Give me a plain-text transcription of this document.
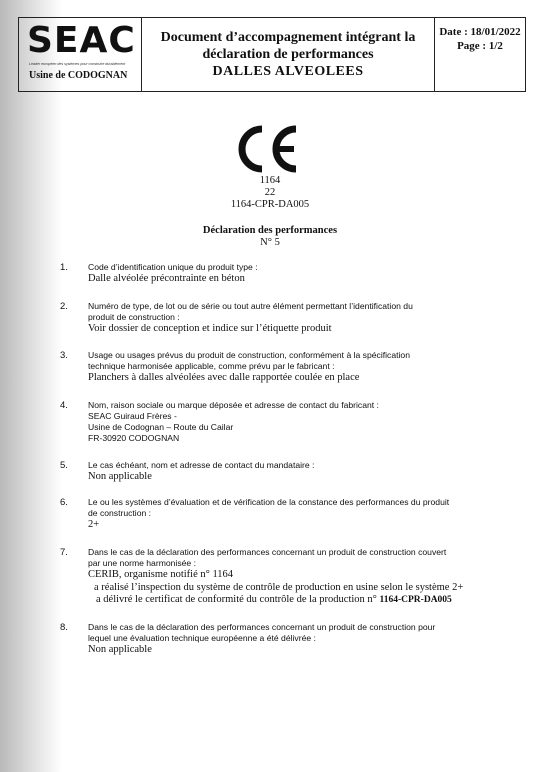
SEAC
Leader européen des systèmes pour construire durablement
Usine de CODOGNAN
Document d’accompagnement intégrant la
déclaration de performances
DALLES ALVEOLEES
Date : 18/01/2022
Page : 1/2
1164
22
1164-CPR-DA005
Déclaration des performances
N° 5
1. Code d’identification unique du produit type :
Dalle alvéolée précontrainte en béton
2. Numéro de type, de lot ou de série ou tout autre élément permettant l’identification du
produit de construction :
Voir dossier de conception et indice sur l’étiquette produit
3. Usage ou usages prévus du produit de construction, conformément à la spécification
technique harmonisée applicable, comme prévu par le fabricant :
Planchers à dalles alvéolées avec dalle rapportée coulée en place
4. Nom, raison sociale ou marque déposée et adresse de contact du fabricant :
SEAC Guiraud Frères -
Usine de Codognan – Route du Cailar
FR-30920 CODOGNAN
5. Le cas échéant, nom et adresse de contact du mandataire :
Non applicable
6. Le ou les systèmes d’évaluation et de vérification de la constance des performances du produit
de construction :
2+
7. Dans le cas de la déclaration des performances concernant un produit de construction couvert
par une norme harmonisée :
CERIB, organisme notifié n° 1164
a réalisé l’inspection du système de contrôle de production en usine selon le système 2+
a délivré le certificat de conformité du contrôle de la production n° 1164-CPR-DA005
8. Dans le cas de la déclaration des performances concernant un produit de construction pour
lequel une évaluation technique européenne a été délivrée :
Non applicable
